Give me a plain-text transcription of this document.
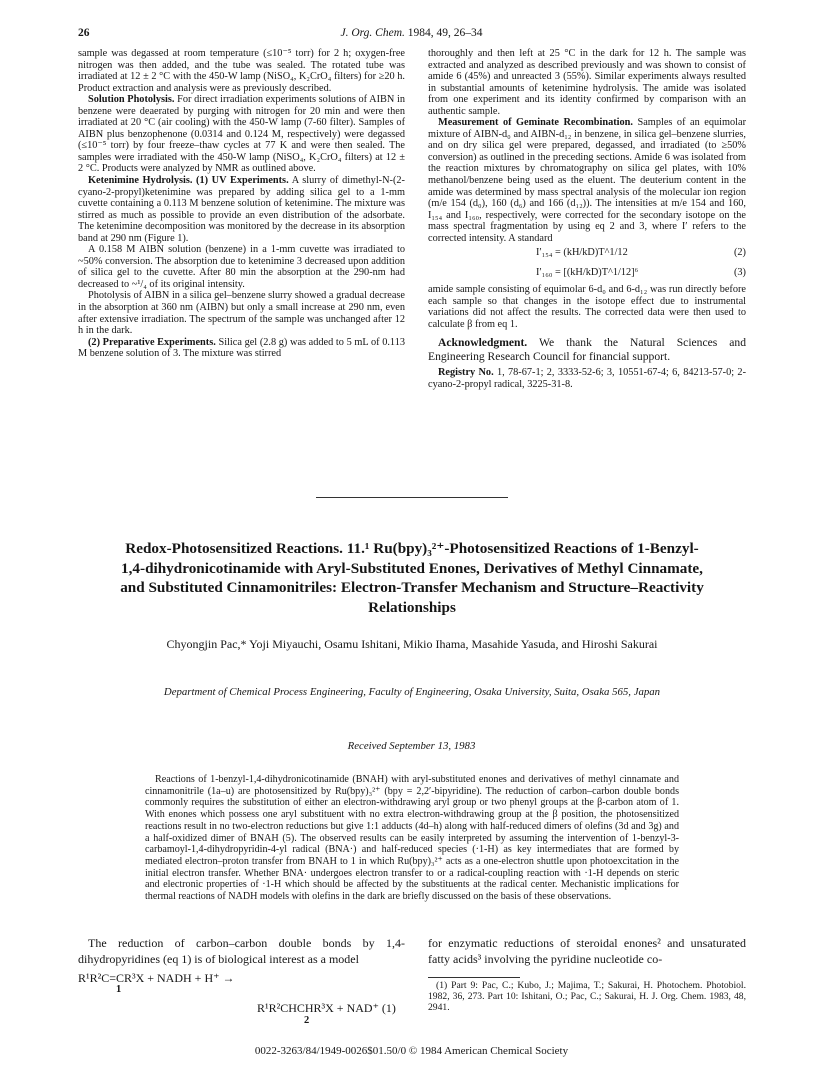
26	J. Org. Chem. 1984, 49, 26–34

sample was degassed at room temperature (≤10⁻⁵ torr) for 2 h; oxygen-free nitrogen was then added, and the tube was sealed. The rotated tube was irradiated at 12 ± 2 °C with the 450-W lamp (NiSO₄, K₂CrO₄ filters) for ≥20 h. Product extraction and analysis were as previously described.

Solution Photolysis. For direct irradiation experiments solutions of AIBN in benzene were deaerated by purging with nitrogen for 20 min and were then irradiated at 20 °C (air cooling) with the 450-W lamp (7-60 filter). Samples of AIBN plus benzophenone (0.0314 and 0.124 M, respectively) were degassed (≤10⁻⁵ torr) by four freeze–thaw cycles at 77 K and were then sealed. The samples were irradiated with the 450-W lamp (NiSO₄, K₂CrO₄ filters) at 12 ± 2 °C. Products were analyzed by NMR as outlined above.

Ketenimine Hydrolysis. (1) UV Experiments. A slurry of dimethyl-N-(2-cyano-2-propyl)ketenimine was prepared by adding silica gel to a 1-mm cuvette containing a 0.113 M benzene solution of ketenimine. The mixture was stirred as much as possible to provide an even distribution of the adsorbate. The ketenimine decomposition was monitored by the decrease in its absorption band at 290 nm (Figure 1).

A 0.158 M AIBN solution (benzene) in a 1-mm cuvette was irradiated to ~50% conversion. The absorption due to ketenimine 3 decreased upon addition of silica gel to the cuvette. After 80 min the absorption at the 290-nm had decreased to ~¹/₄ of its original intensity.

Photolysis of AIBN in a silica gel–benzene slurry showed a gradual decrease in the absorption at 360 nm (AIBN) but only a small increase at 290 nm, even after extensive irradiation. The spectrum of the sample was unchanged after 12 h in the dark.

(2) Preparative Experiments. Silica gel (2.8 g) was added to 5 mL of 0.113 M benzene solution of 3. The mixture was stirred

thoroughly and then left at 25 °C in the dark for 12 h. The sample was extracted and analyzed as described previously and was shown to consist of amide 6 (45%) and unreacted 3 (55%). Similar experiments always resulted in substantial amounts of ketenimine hydrolysis. The amide was isolated from one experiment and its identity confirmed by comparison with an authentic sample.

Measurement of Geminate Recombination. Samples of an equimolar mixture of AIBN-d₀ and AIBN-d₁₂ in benzene, in silica gel–benzene slurries, and on dry silica gel were prepared, degassed, and irradiated (to ≥50% conversion) as outlined in the preceding sections. Amide 6 was isolated from the reaction mixtures by chromatography on silica gel plates, with 10% methanol/benzene being used as the eluent. The deuterium content in the amide was determined by mass spectral analysis of the molecular ion region (m/e 154 (d₀), 160 (d₆) and 166 (d₁₂)). The intensities at m/e 154 and 160, I₁₅₄ and I₁₆₀, respectively, were corrected for the secondary isotope on the mass spectral fragmentation by using eq 2 and 3, where I′ refers to the corrected intensity. A standard

I′₁₅₄ = (kH/kD)T^1/12	(2)
I′₁₆₀ = [(kH/kD)T^1/12]⁶	(3)

amide sample consisting of equimolar 6-d₀ and 6-d₁₂ was run directly before each sample so that changes in the isotope effect due to instrumental variations did not affect the results. The corrected data were then used to calculate β from eq 1.

Acknowledgment. We thank the Natural Sciences and Engineering Research Council for financial support.

Registry No. 1, 78-67-1; 2, 3333-52-6; 3, 10551-67-4; 6, 84213-57-0; 2-cyano-2-propyl radical, 3225-31-8.

Redox-Photosensitized Reactions. 11.¹ Ru(bpy)₃²⁺-Photosensitized Reactions of 1-Benzyl-1,4-dihydronicotinamide with Aryl-Substituted Enones, Derivatives of Methyl Cinnamate, and Substituted Cinnamonitriles: Electron-Transfer Mechanism and Structure–Reactivity Relationships
Chyongjin Pac,* Yoji Miyauchi, Osamu Ishitani, Mikio Ihama, Masahide Yasuda, and Hiroshi Sakurai
Department of Chemical Process Engineering, Faculty of Engineering, Osaka University, Suita, Osaka 565, Japan
Received September 13, 1983
Reactions of 1-benzyl-1,4-dihydronicotinamide (BNAH) with aryl-substituted enones and derivatives of methyl cinnamate and cinnamonitrile (1a–u) are photosensitized by Ru(bpy)₃²⁺ (bpy = 2,2′-bipyridine). The reduction of carbon–carbon double bonds commonly requires the substitution of either an electron-withdrawing aryl group or two phenyl groups at the β-carbon atom of 1. With enones which possess one aryl substituent with no extra electron-withdrawing group at the β position, the photosensitized reactions result in no two-electron reductions but give 1:1 adducts (4d–h) along with half-reduced dimers of olefins (3d and 3g) and a half-oxidized dimer of BNAH (5). The observed results can be easily interpreted by assuming the intervention of 1-benzyl-3-carbamoyl-1,4-dihydropyridin-4-yl radical (BNA·) and half-reduced species (·1-H) as key intermediates that are formed by mediated electron–proton transfer from BNAH to 1 in which Ru(bpy)₃²⁺ acts as a one-electron shuttle upon photoexcitation in the initial electron transfer. Whether BNA· undergoes electron transfer to or a radical-coupling reaction with ·1-H depends on steric and electronic properties of ·1-H which should be affected by the substituents at the radical center. Mechanistic implications for thermal reactions of NADH models with olefins in the dark are briefly discussed on the basis of these observations.
The reduction of carbon–carbon double bonds by 1,4-dihydropyridines (eq 1) is of biological interest as a model
R¹R²C=CR³X + NADH + H⁺ →
1
R¹R²CHCHR³X + NAD⁺ (1)
2
for enzymatic reductions of steroidal enones² and unsaturated fatty acids³ involving the pyridine nucleotide co-
(1) Part 9: Pac, C.; Kubo, J.; Majima, T.; Sakurai, H. Photochem. Photobiol. 1982, 36, 273. Part 10: Ishitani, O.; Pac, C.; Sakurai, H. J. Org. Chem. 1983, 48, 2941.
0022-3263/84/1949-0026$01.50/0 © 1984 American Chemical Society
